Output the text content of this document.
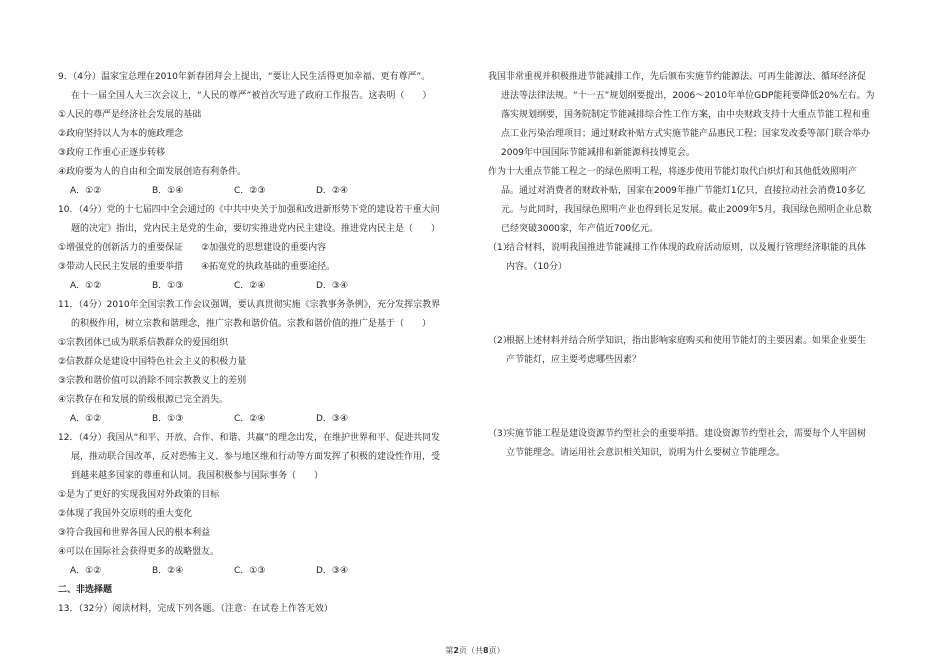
9．（4分）温家宝总理在2010年新春团拜会上提出，“要让人民生活得更加幸福、更有尊严”。
在十一届全国人大三次会议上，“人民的尊严”被首次写进了政府工作报告。这表明（　　）
①人民的尊严是经济社会发展的基础
②政府坚持以人为本的施政理念
③政府工作重心正逐步转移
④政府要为人的自由和全面发展创造有利条件。
A．①②	B．①④	C．②③	D．②④
10．（4分）党的十七届四中全会通过的《中共中央关于加强和改进新形势下党的建设若干重大问
题的决定》指出，党内民主是党的生命，要切实推进党内民主建设。推进党内民主是（　　）
①增强党的创新活力的重要保证　　②加强党的思想建设的重要内容
③带动人民民主发展的重要举措　　④拓宽党的执政基础的重要途径。
A．①②	B．①③	C．②④	D．③④
11．（4分）2010年全国宗教工作会议强调，要认真贯彻实施《宗教事务条例》，充分发挥宗教界
的积极作用，树立宗教和谐理念，推广宗教和谐价值。宗教和谐价值的推广是基于（　　）
①宗教团体已成为联系信教群众的爱国组织
②信教群众是建设中国特色社会主义的积极力量
③宗教和谐价值可以消除不同宗教教义上的差别
④宗教存在和发展的阶级根源已完全消失。
A．①②	B．①③	C．②④	D．③④
12．（4分）我国从“和平、开放、合作、和谐、共赢”的理念出发，在维护世界和平、促进共同发
展，推动联合国改革，反对恐怖主义、参与地区维和行动等方面发挥了积极的建设性作用，受
到越来越多国家的尊重和认同。我国积极参与国际事务（　　）
①是为了更好的实现我国对外政策的目标
②体现了我国外交原则的重大变化
③符合我国和世界各国人民的根本利益
④可以在国际社会获得更多的战略盟友。
A．①②	B．②④	C．①③	D．③④
二、非选择题
13．（32分）阅读材料，完成下列各题。（注意：在试卷上作答无效）
我国非常重视并积极推进节能减排工作，先后颁布实施节约能源法、可再生能源法、循环经济促
进法等法律法规。“十一五”规划纲要提出，2006～2010年单位GDP能耗要降低20%左右。为
落实规划纲要，国务院制定节能减排综合性工作方案，由中央财政支持十大重点节能工程和重
点工业污染治理项目；通过财政补贴方式实施节能产品惠民工程；国家发改委等部门联合举办
2009年中国国际节能减排和新能源科技博览会。
作为十大重点节能工程之一的绿色照明工程，将逐步使用节能灯取代白炽灯和其他低效照明产
品。通过对消费者的财政补贴，国家在2009年推广节能灯1亿只，直接拉动社会消费10多亿
元。与此同时，我国绿色照明产业也得到长足发展。截止2009年5月，我国绿色照明企业总数
已经突破3000家，年产值近700亿元。
（1）
结合材料，说明我国推进节能减排工作体现的政府活动原则，以及履行管理经济职能的具体
内容。（10分）
（2）
根据上述材料并结合所学知识，指出影响家庭购买和使用节能灯的主要因素。如果企业要生
产节能灯，应主要考虑哪些因素？
（3）
实施节能工程是建设资源节约型社会的重要举措。建设资源节约型社会，需要每个人牢固树
立节能理念。请运用社会意识相关知识，说明为什么要树立节能理念。
第2页（共8页）
